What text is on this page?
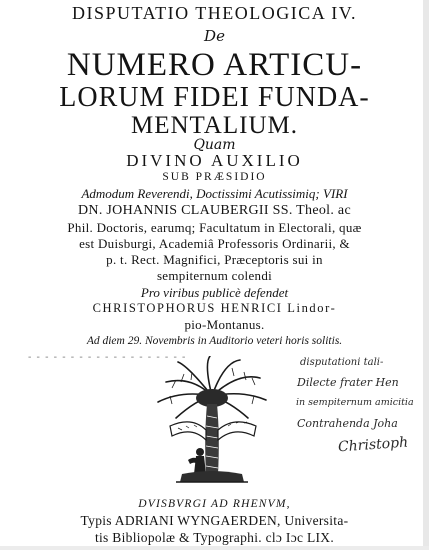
DISPUTATIO THEOLOGICA IV.

De

NUMERO ARTICU-

LORUM FIDEI FUNDA-

MENTALIUM.

Quam

DIVINO AUXILIO

SUB PRÆSIDIO

Admodum Reverendi, Doctissimi Acutissimiq; VIRI

DN. JOHANNIS CLAUBERGII SS. Theol. ac

Phil. Doctoris, earumq; Facultatum in Electorali, quæ

est Duisburgi, Academiâ Professoris Ordinarii, &

p. t. Rect. Magnifici, Præceptoris sui in

sempiternum colendi

Pro viribus publicè defendet

CHRISTOPHORUS HENRICI Lindor-

pio-Montanus.

Ad diem 29. Novembris in Auditorio veteri horis solitis.

- - - - - - - - - - - - - - - - - - -	disputationi tali-
Dilecte frater Hen
in sempiternum amicitia
Contrahenda Joha
Christoph

DVISBVRGI AD RHENVM,

Typis ADRIANI WYNGAERDEN, Universita-

tis Bibliopolæ & Typographi. clɔ Iɔc LIX.
